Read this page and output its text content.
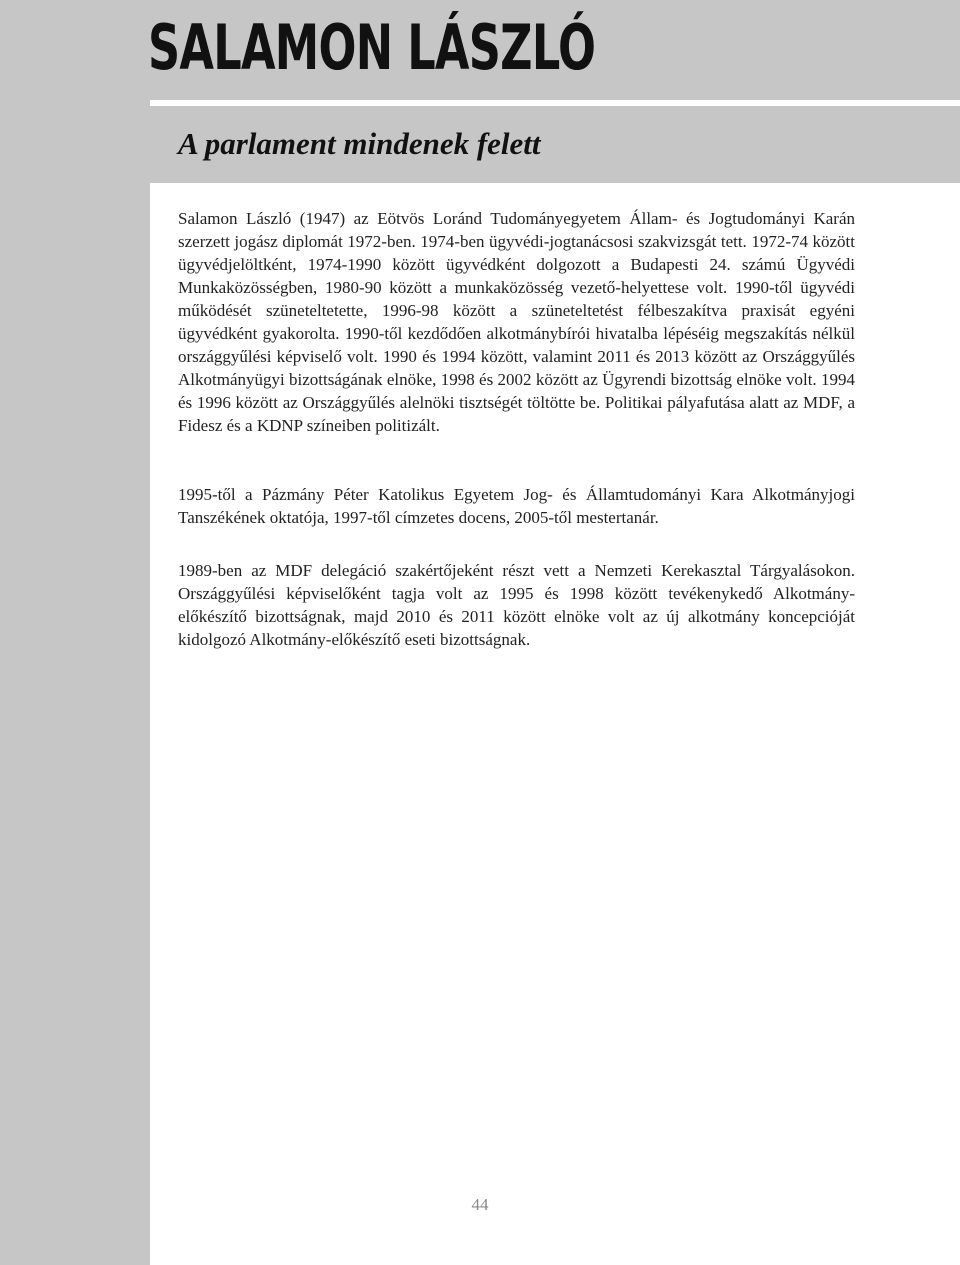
SALAMON LÁSZLÓ
A parlament mindenek felett

Salamon László (1947) az Eötvös Loránd Tudományegyetem Állam- és Jogtudományi Karán szerzett jogász diplomát 1972-ben. 1974-ben ügyvédi-jogtanácsosi szakvizsgát tett. 1972-74 között ügyvédjelöltként, 1974-1990 között ügyvédként dolgozott a Budapesti 24. számú Ügyvédi Munkaközösségben, 1980-90 között a munkaközösség vezető-helyettese volt. 1990-től ügyvédi működését szüneteltetette, 1996-98 között a szüneteltetést félbeszakítva praxisát egyéni ügyvédként gyakorolta. 1990-től kezdődően alkotmánybírói hivatalba lépéséig megszakítás nélkül országgyűlési képviselő volt. 1990 és 1994 között, valamint 2011 és 2013 között az Országgyűlés Alkotmányügyi bizottságának elnöke, 1998 és 2002 között az Ügyrendi bizottság elnöke volt. 1994 és 1996 között az Országgyűlés alelnöki tisztségét töltötte be. Politikai pályafutása alatt az MDF, a Fidesz és a KDNP színeiben politizált.

1995-től a Pázmány Péter Katolikus Egyetem Jog- és Államtudományi Kara Alkotmányjogi Tanszékének oktatója, 1997-től címzetes docens, 2005-től mestertanár.

1989-ben az MDF delegáció szakértőjeként részt vett a Nemzeti Kerekasztal Tárgyalásokon. Országgyűlési képviselőként tagja volt az 1995 és 1998 között tevékenykedő Alkotmány-előkészítő bizottságnak, majd 2010 és 2011 között elnöke volt az új alkotmány koncepcióját kidolgozó Alkotmány-előkészítő eseti bizottságnak.

44
